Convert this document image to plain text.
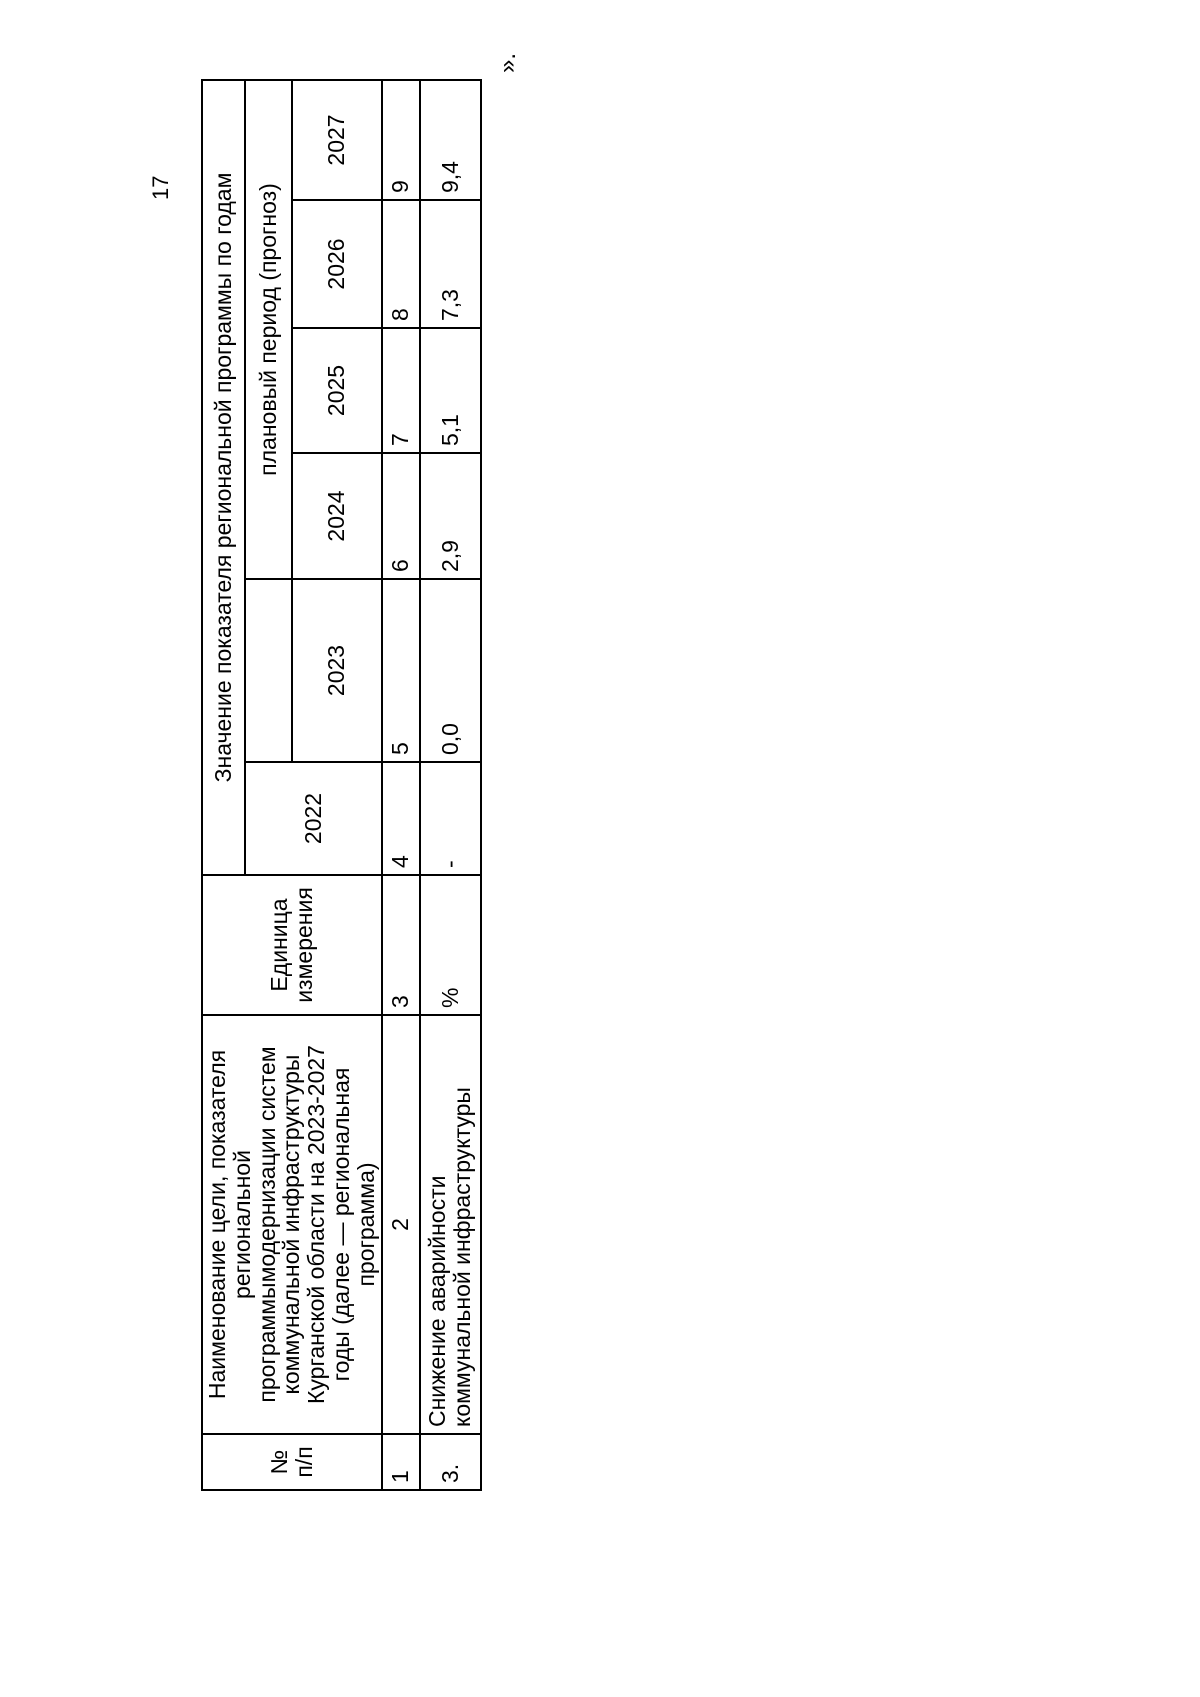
17
№ п/п	Наименование цели, показателя региональной программымодернизации систем коммунальной инфраструктуры Курганской области на 2023-2027 годы (далее — региональная программа)	Единица измерения	Значение показателя региональной программы по годам					
			2022		плановый период (прогноз)			
				2023	2024	2025	2026	2027
1	2	3	4	5	6	7	8	9
3.	Снижение аварийности коммунальной инфраструктуры	%	-	0,0	2,9	5,1	7,3	9,4
».
